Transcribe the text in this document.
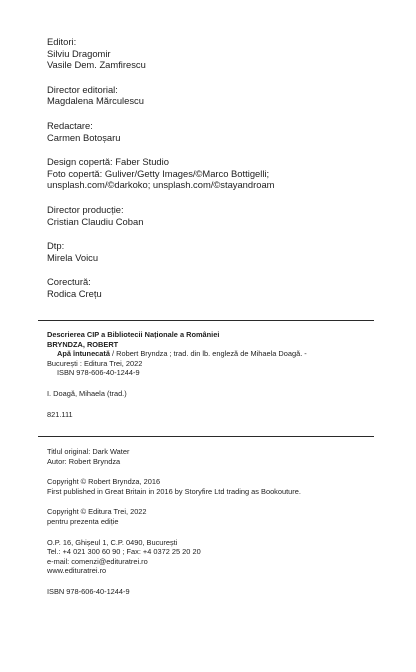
Editori:
Silviu Dragomir
Vasile Dem. Zamfirescu
Director editorial:
Magdalena Mărculescu
Redactare:
Carmen Botoșaru
Design copertă: Faber Studio
Foto copertă: Guliver/Getty Images/©Marco Bottigelli;
unsplash.com/©darkoko; unsplash.com/©stayandroam
Director producție:
Cristian Claudiu Coban
Dtp:
Mirela Voicu
Corectură:
Rodica Crețu
Descrierea CIP a Bibliotecii Naționale a României
BRYNDZA, ROBERT
Apă întunecată / Robert Bryndza ; trad. din lb. engleză de Mihaela Doagă. -
București : Editura Trei, 2022
ISBN 978-606-40-1244-9
I. Doagă, Mihaela (trad.)
821.111
Titlul original: Dark Water
Autor: Robert Bryndza
Copyright © Robert Bryndza, 2016
First published in Great Britain in 2016 by Storyfire Ltd trading as Bookouture.
Copyright © Editura Trei, 2022
pentru prezenta ediție
O.P. 16, Ghișeul 1, C.P. 0490, București
Tel.: +4 021 300 60 90 ; Fax: +4 0372 25 20 20
e-mail: comenzi@edituratrei.ro
www.edituratrei.ro
ISBN 978-606-40-1244-9
